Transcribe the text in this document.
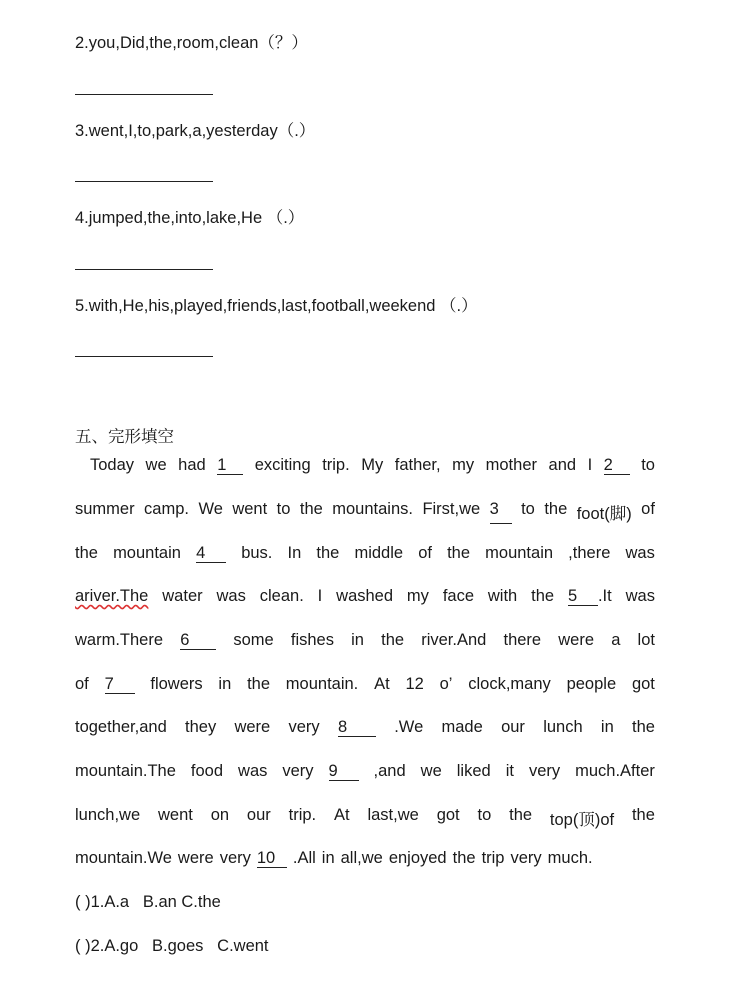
2.you,Did,the,room,clean（？）
3.went,I,to,park,a,yesterday（.）
4.jumped,the,into,lake,He （.）
5.with,He,his,played,friends,last,football,weekend （.）
五、完形填空
Today we had 1	exciting trip. My father, my mother and I 2	to
summer camp. We went to the mountains. First,we 3	to the foot(脚) of
the mountain 4	bus. In the middle of the mountain ,there was
ariver.The water was clean. I washed my face with the 5	.It was
warm.There 6	some fishes in the river.And there were a lot
of 7	flowers in the mountain. At 12 o’ clock,many people got
together,and they were very 8	.We made our lunch in the
mountain.The food was very 9	,and we liked it very much.After
lunch,we went on our trip. At last,we got to the top(顶)of the
mountain.We were very 10	.All in all,we enjoyed the trip very much.
( )1.A.a   B.an C.the
( )2.A.go   B.goes   C.went
